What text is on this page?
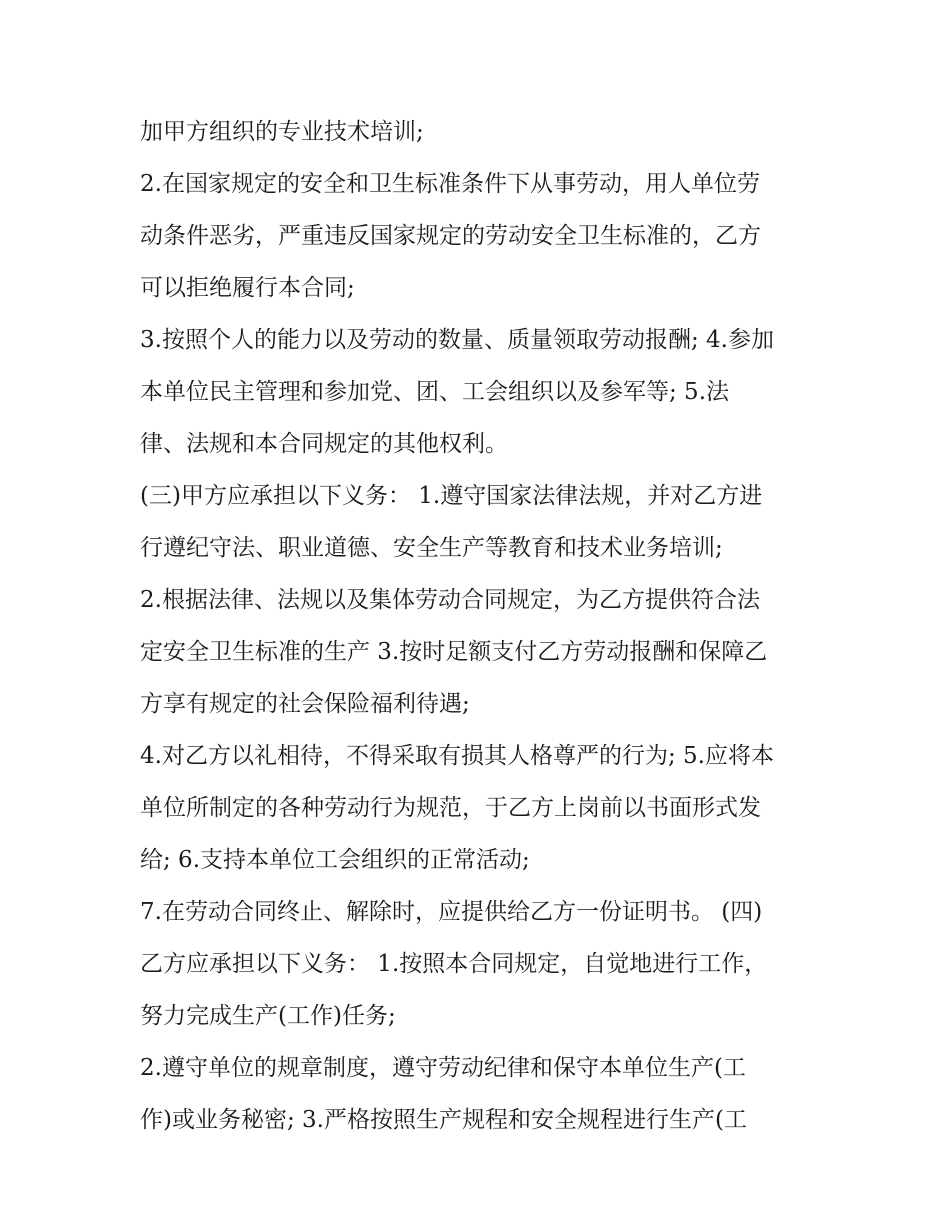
加甲方组织的专业技术培训;
2.在国家规定的安全和卫生标准条件下从事劳动，用人单位劳
动条件恶劣，严重违反国家规定的劳动安全卫生标准的，乙方
可以拒绝履行本合同;
3.按照个人的能力以及劳动的数量、质量领取劳动报酬; 4.参加
本单位民主管理和参加党、团、工会组织以及参军等; 5.法
律、法规和本合同规定的其他权利。
(三)甲方应承担以下义务： 1.遵守国家法律法规，并对乙方进
行遵纪守法、职业道德、安全生产等教育和技术业务培训;
2.根据法律、法规以及集体劳动合同规定，为乙方提供符合法
定安全卫生标准的生产 3.按时足额支付乙方劳动报酬和保障乙
方享有规定的社会保险福利待遇;
4.对乙方以礼相待，不得采取有损其人格尊严的行为; 5.应将本
单位所制定的各种劳动行为规范，于乙方上岗前以书面形式发
给; 6.支持本单位工会组织的正常活动;
7.在劳动合同终止、解除时，应提供给乙方一份证明书。 (四)
乙方应承担以下义务： 1.按照本合同规定，自觉地进行工作，
努力完成生产(工作)任务;
2.遵守单位的规章制度，遵守劳动纪律和保守本单位生产(工
作)或业务秘密; 3.严格按照生产规程和安全规程进行生产(工
